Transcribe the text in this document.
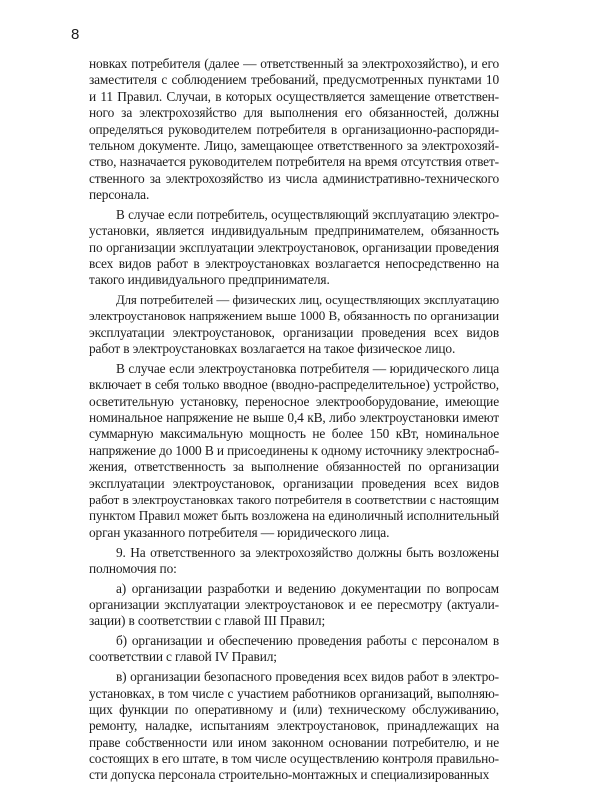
8
новках потребителя (далее — ответственный за электрохозяйство), и его
заместителя с соблюдением требований, предусмотренных пунктами 10
и 11 Правил. Случаи, в которых осуществляется замещение ответствен-
ного за электрохозяйство для выполнения его обязанностей, должны
определяться руководителем потребителя в организационно-распоряди-
тельном документе. Лицо, замещающее ответственного за электрохозяй-
ство, назначается руководителем потребителя на время отсутствия ответ-
ственного за электрохозяйство из числа административно-технического
персонала.
В случае если потребитель, осуществляющий эксплуатацию электро-
установки, является индивидуальным предпринимателем, обязанность
по организации эксплуатации электроустановок, организации проведения
всех видов работ в электроустановках возлагается непосредственно на
такого индивидуального предпринимателя.
Для потребителей — физических лиц, осуществляющих эксплуатацию
электроустановок напряжением выше 1000 В, обязанность по организации
эксплуатации электроустановок, организации проведения всех видов
работ в электроустановках возлагается на такое физическое лицо.
В случае если электроустановка потребителя — юридического лица
включает в себя только вводное (вводно-распределительное) устройство,
осветительную установку, переносное электрооборудование, имеющие
номинальное напряжение не выше 0,4 кВ, либо электроустановки имеют
суммарную максимальную мощность не более 150 кВт, номинальное
напряжение до 1000 В и присоединены к одному источнику электроснаб-
жения, ответственность за выполнение обязанностей по организации
эксплуатации электроустановок, организации проведения всех видов
работ в электроустановках такого потребителя в соответствии с настоящим
пунктом Правил может быть возложена на единоличный исполнительный
орган указанного потребителя — юридического лица.
9. На ответственного за электрохозяйство должны быть возложены
полномочия по:
а) организации разработки и ведению документации по вопросам
организации эксплуатации электроустановок и ее пересмотру (актуали-
зации) в соответствии с главой III Правил;
б) организации и обеспечению проведения работы с персоналом в
соответствии с главой IV Правил;
в) организации безопасного проведения всех видов работ в электро-
установках, в том числе с участием работников организаций, выполняю-
щих функции по оперативному и (или) техническому обслуживанию,
ремонту, наладке, испытаниям электроустановок, принадлежащих на
праве собственности или ином законном основании потребителю, и не
состоящих в его штате, в том числе осуществлению контроля правильно-
сти допуска персонала строительно-монтажных и специализированных
